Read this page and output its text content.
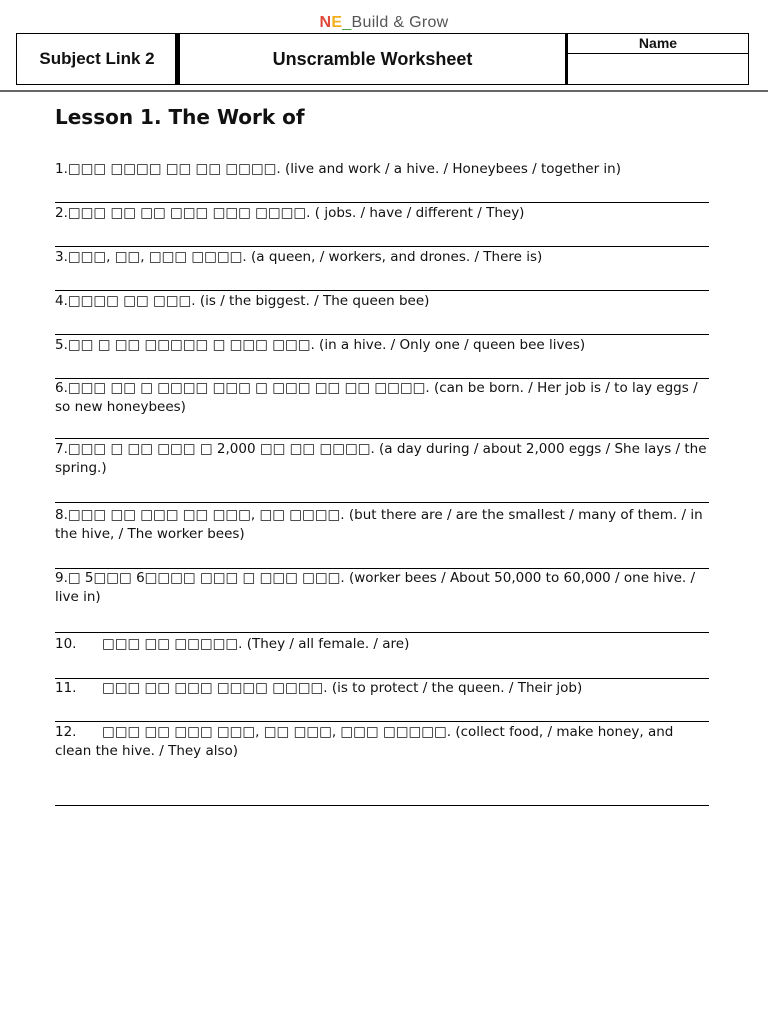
NE_Build & Grow
Subject Link 2	Unscramble Worksheet	
Name
Lesson 1. The Work of
1.□□□ □□□□ □□ □□ □□□□. (live and work / a hive. / Honeybees / together in)
2.□□□ □□ □□ □□□ □□□ □□□□. ( jobs. / have / different / They)
3.□□□, □□, □□□ □□□□. (a queen, / workers, and drones. / There is)
4.□□□□ □□ □□□. (is / the biggest. / The queen bee)
5.□□ □ □□ □□□□□ □ □□□ □□□. (in a hive. / Only one / queen bee lives)
6.□□□ □□ □ □□□□ □□□ □ □□□ □□ □□ □□□□. (can be born. / Her job is / to lay eggs / so new honeybees)
7.□□□ □ □□ □□□ □ 2,000 □□ □□ □□□□. (a day during / about 2,000 eggs / She lays / the spring.)
8.□□□ □□ □□□ □□ □□□, □□ □□□□. (but there are / are the smallest / many of them. / in the hive, / The worker bees)
9.□ 5□□□ 6□□□□ □□□ □ □□□ □□□. (worker bees / About 50,000 to 60,000 / one hive. / live in)
10. □□□ □□ □□□□□. (They / all female. / are)
11. □□□ □□ □□□ □□□□ □□□□. (is to protect / the queen. / Their job)
12. □□□ □□ □□□ □□□, □□ □□□, □□□ □□□□□. (collect food, / make honey, and clean the hive. / They also)
